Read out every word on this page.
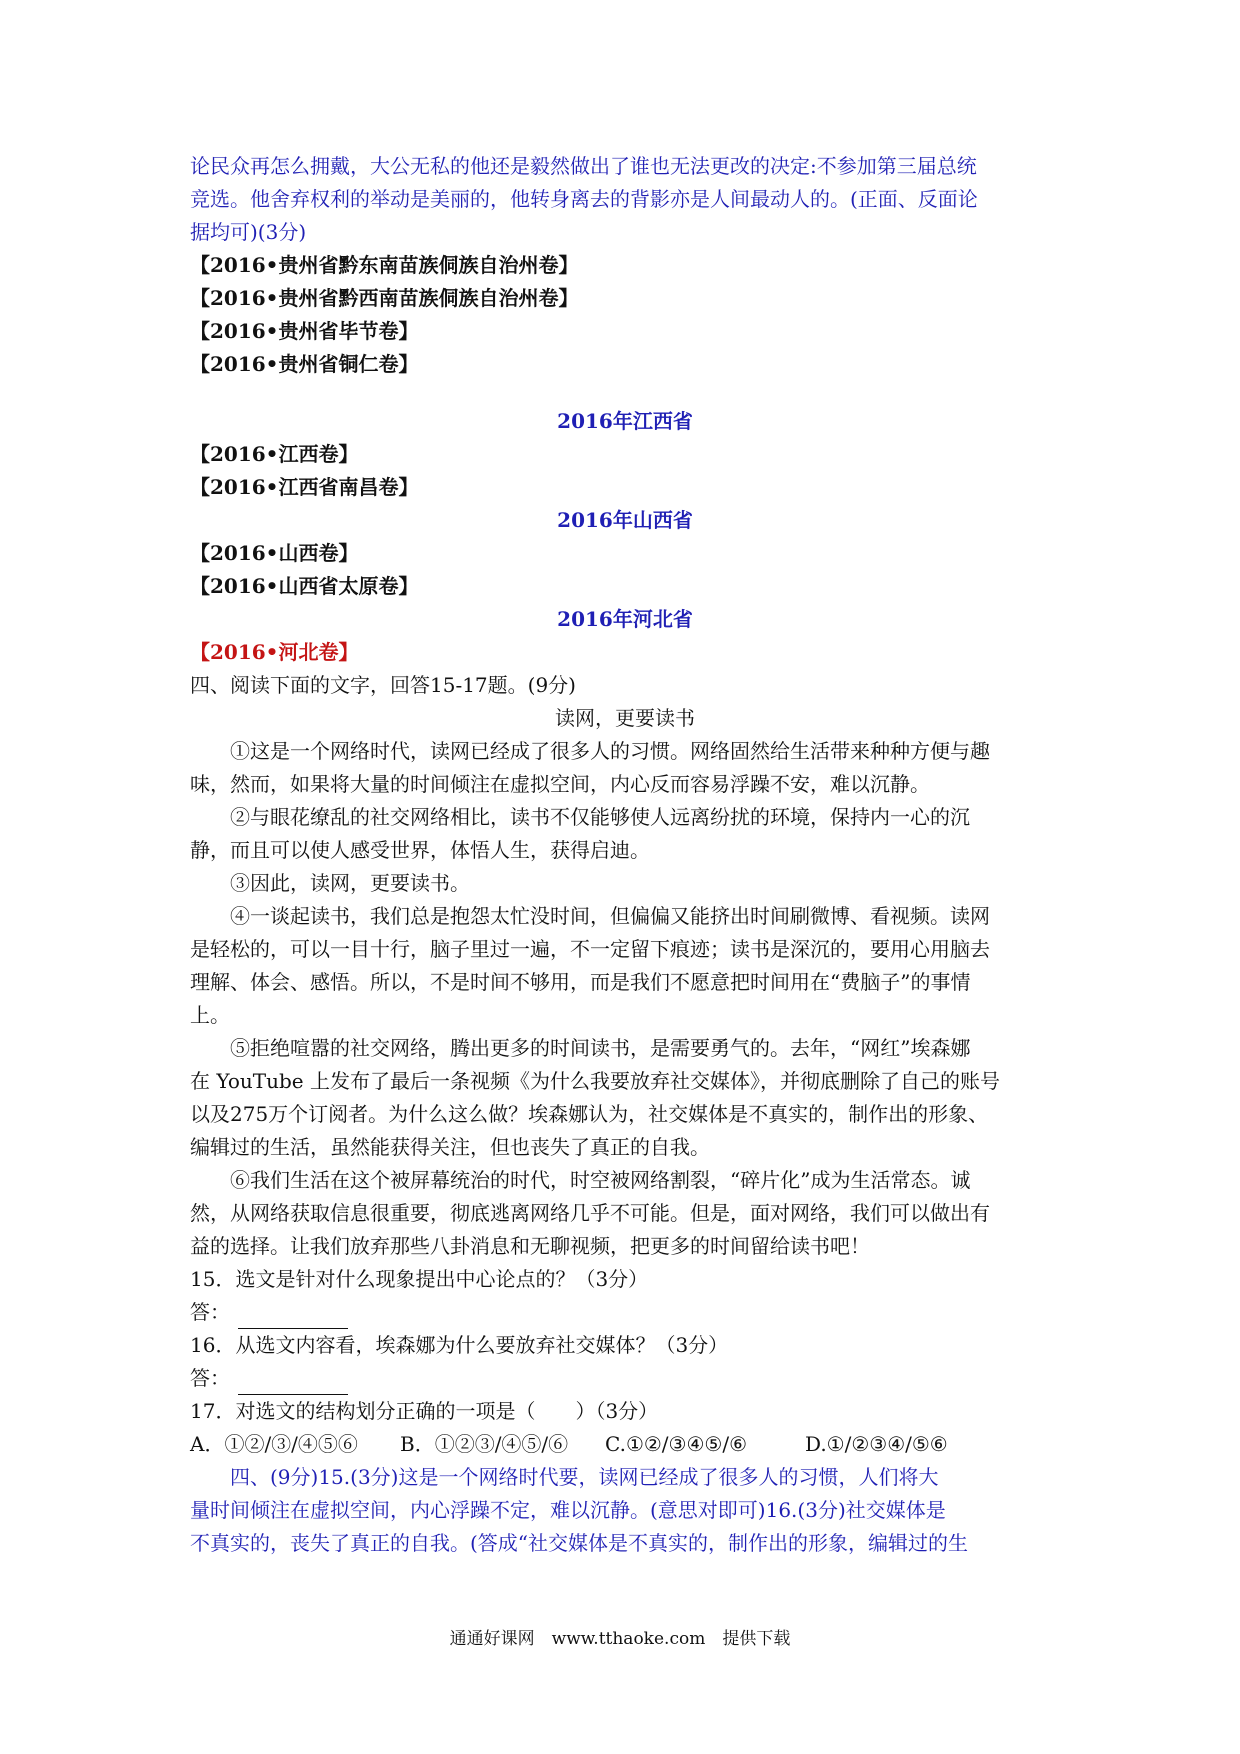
论民众再怎么拥戴，大公无私的他还是毅然做出了谁也无法更改的决定:不参加第三届总统
竞选。他舍弃权利的举动是美丽的，他转身离去的背影亦是人间最动人的。(正面、反面论
据均可)(3分)
【2016•贵州省黔东南苗族侗族自治州卷】
【2016•贵州省黔西南苗族侗族自治州卷】
【2016•贵州省毕节卷】
【2016•贵州省铜仁卷】
2016年江西省
【2016•江西卷】
【2016•江西省南昌卷】
2016年山西省
【2016•山西卷】
【2016•山西省太原卷】
2016年河北省
【2016•河北卷】
四、阅读下面的文字，回答15-17题。(9分)
读网，更要读书
①这是一个网络时代，读网已经成了很多人的习惯。网络固然给生活带来种种方便与趣
味，然而，如果将大量的时间倾注在虚拟空间，内心反而容易浮躁不安，难以沉静。
②与眼花缭乱的社交网络相比，读书不仅能够使人远离纷扰的环境，保持内一心的沉
静，而且可以使人感受世界，体悟人生，获得启迪。
③因此，读网，更要读书。
④一谈起读书，我们总是抱怨太忙没时间，但偏偏又能挤出时间刷微博、看视频。读网
是轻松的，可以一目十行，脑子里过一遍，不一定留下痕迹；读书是深沉的，要用心用脑去
理解、体会、感悟。所以，不是时间不够用，而是我们不愿意把时间用在“费脑子”的事情
上。
⑤拒绝喧嚣的社交网络，腾出更多的时间读书，是需要勇气的。去年，“网红”埃森娜
在 YouTube 上发布了最后一条视频《为什么我要放弃社交媒体》，并彻底删除了自己的账号
以及275万个订阅者。为什么这么做？埃森娜认为，社交媒体是不真实的，制作出的形象、
编辑过的生活，虽然能获得关注，但也丧失了真正的自我。
⑥我们生活在这个被屏幕统治的时代，时空被网络割裂，“碎片化”成为生活常态。诚
然，从网络获取信息很重要，彻底逃离网络几乎不可能。但是，面对网络，我们可以做出有
益的选择。让我们放弃那些八卦消息和无聊视频，把更多的时间留给读书吧！
15．选文是针对什么现象提出中心论点的？（3分）
答：
16．从选文内容看，埃森娜为什么要放弃社交媒体？（3分）
答：
17．对选文的结构划分正确的一项是（　　）（3分）
A．①②/③/④⑤⑥ B．①②③/④⑤/⑥ C.①②/③④⑤/⑥	D.①/②③④/⑤⑥
四、(9分)15.(3分)这是一个网络时代要，读网已经成了很多人的习惯，人们将大
量时间倾注在虚拟空间，内心浮躁不定，难以沉静。(意思对即可)16.(3分)社交媒体是
不真实的，丧失了真正的自我。(答成“社交媒体是不真实的，制作出的形象，编辑过的生
通通好课网　www.tthaoke.com　提供下载
